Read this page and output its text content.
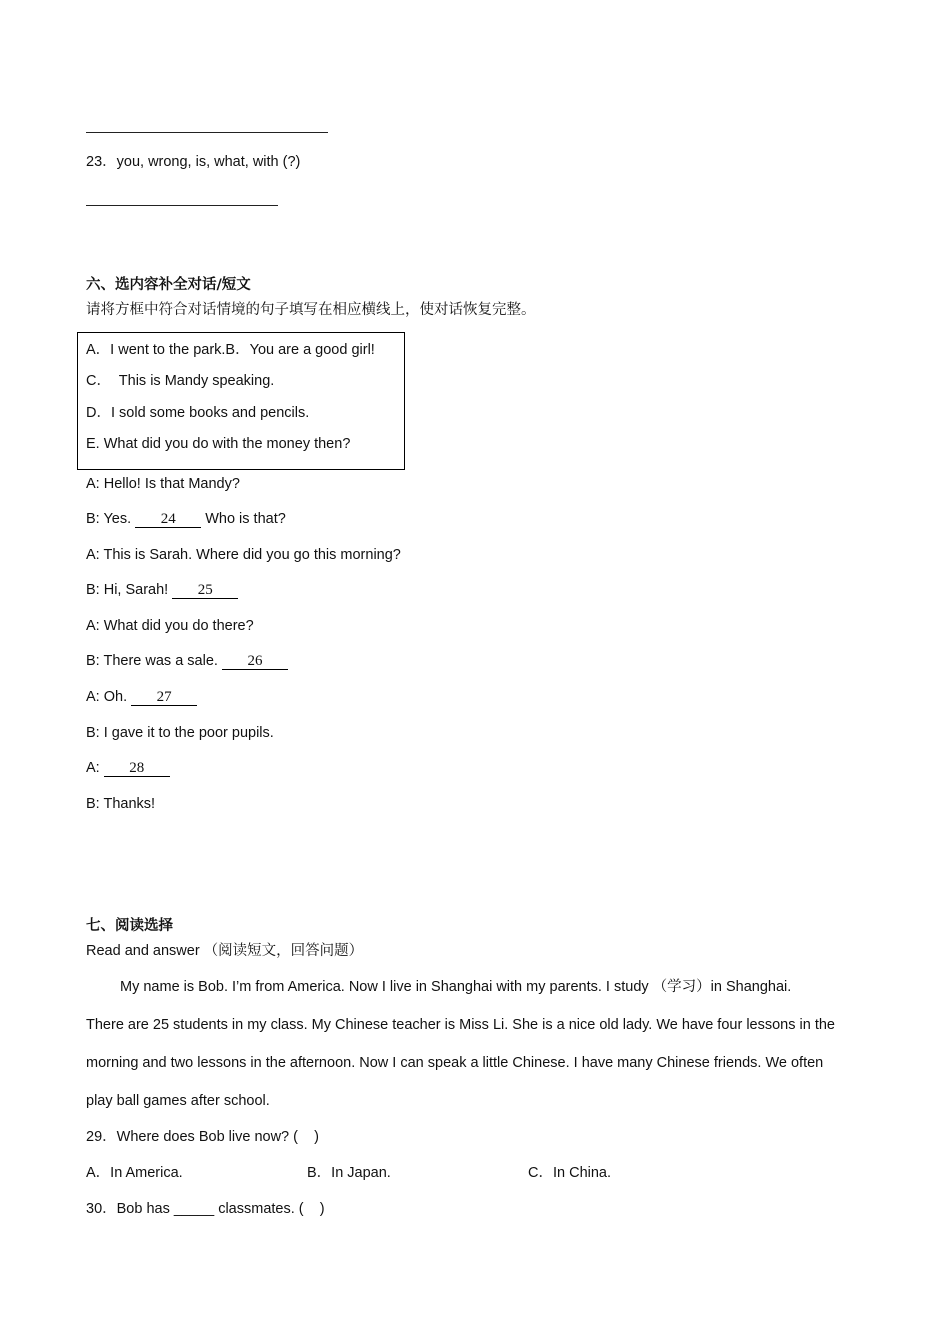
23．you, wrong, is, what, with (?)
六、选内容补全对话/短文
请将方框中符合对话情境的句子填写在相应横线上，使对话恢复完整。
A．I went to the park.B．You are a good girl!
C．  This is Mandy speaking.
D．I sold some books and pencils.
E. What did you do with the money then?
A: Hello! Is that Mandy?
B: Yes. 24 Who is that?
A: This is Sarah. Where did you go this morning?
B: Hi, Sarah! 25
A: What did you do there?
B: There was a sale. 26
A: Oh. 27
B: I gave it to the poor pupils.
A: 28
B: Thanks!
七、阅读选择
Read and answer （阅读短文，回答问题）
My name is Bob. I’m from America. Now I live in Shanghai with my parents. I study （学习）in Shanghai.
There are 25 students in my class. My Chinese teacher is Miss Li. She is a nice old lady. We have four lessons in the
morning and two lessons in the afternoon. Now I can speak a little Chinese. I have many Chinese friends. We often
play ball games after school.
29．Where does Bob live now? (    )
A．In America.	B．In Japan.	C．In China.
30．Bob has _____ classmates. (    )
